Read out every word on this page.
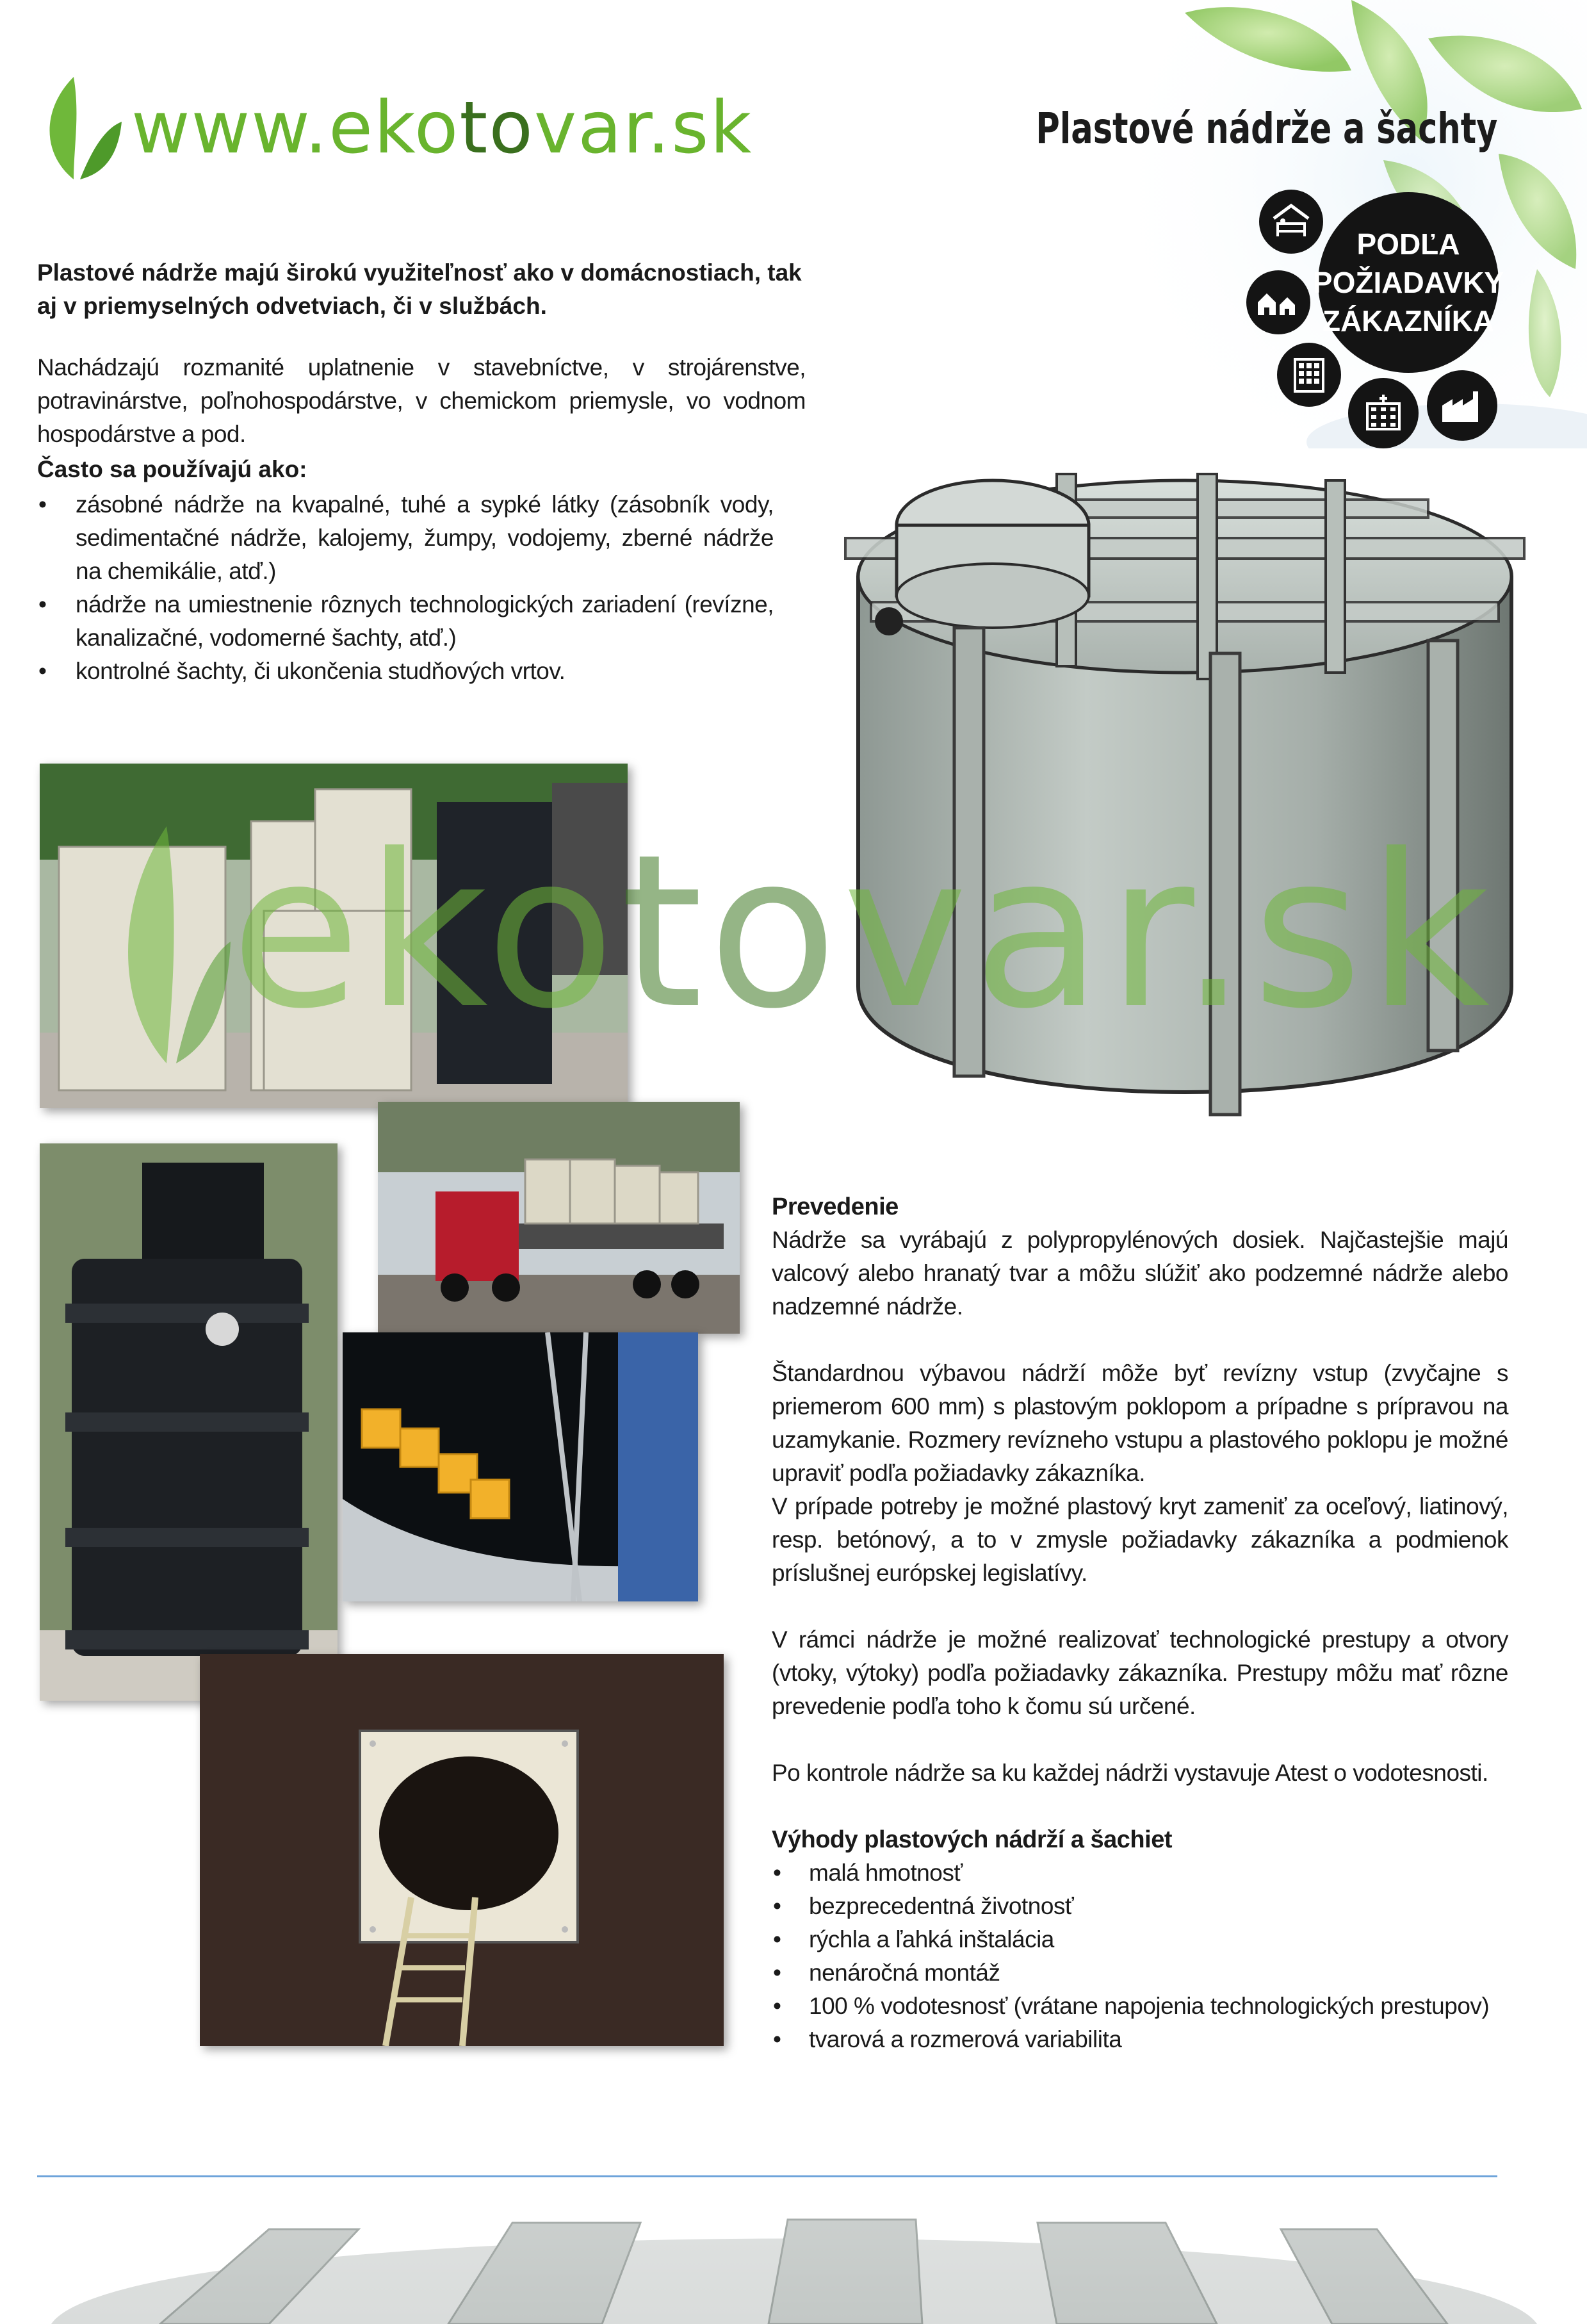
www.ekotovar.sk	Plastové nádrže a šachty
Plastové nádrže majú širokú využiteľnosť ako v domácnostiach, tak aj v priemyselných odvetviach, či v službách.
Nachádzajú rozmanité uplatnenie v stavebníctve, v strojárenstve, potravinárstve, poľnohospodárstve, v chemickom priemysle, vo vodnom hospodárstve a pod.
Často sa používajú ako:
• zásobné nádrže na kvapalné, tuhé a sypké látky (zásobník vody, sedimentačné nádrže, kalojemy, žumpy, vodojemy, zberné nádrže na chemikálie, atď.)
• nádrže na umiestnenie rôznych technologických zariadení (revízne, kanalizačné, vodomerné šachty, atď.)
• kontrolné šachty, či ukončenia studňových vrtov.
PODĽA
POŽIADAVKY
ZÁKAZNÍKA
ekotovar.sk
Prevedenie

Nádrže sa vyrábajú z polypropylénových dosiek. Najčastejšie majú valcový alebo hranatý tvar a môžu slúžiť ako podzemné nádrže alebo nadzemné nádrže.

Štandardnou výbavou nádrží môže byť revízny vstup (zvyčajne s priemerom 600 mm) s plastovým poklopom a prípadne s prípravou na uzamykanie. Rozmery revízneho vstupu a plastového poklopu je možné upraviť podľa požiadavky zákazníka.

V prípade potreby je možné plastový kryt zameniť za oceľový, liatinový, resp. betónový, a to v zmysle požiadavky zákazníka a podmienok príslušnej európskej legislatívy.

V rámci nádrže je možné realizovať technologické prestupy a otvory (vtoky, výtoky) podľa požiadavky zákazníka. Prestupy môžu mať rôzne prevedenie podľa toho k čomu sú určené.

Po kontrole nádrže sa ku každej nádrži vystavuje Atest o vodotesnosti.

Výhody plastových nádrží a šachiet
• malá hmotnosť
• bezprecedentná životnosť
• rýchla a ľahká inštalácia
• nenáročná montáž
• 100 % vodotesnosť (vrátane napojenia technologických prestupov)
• tvarová a rozmerová variabilita
